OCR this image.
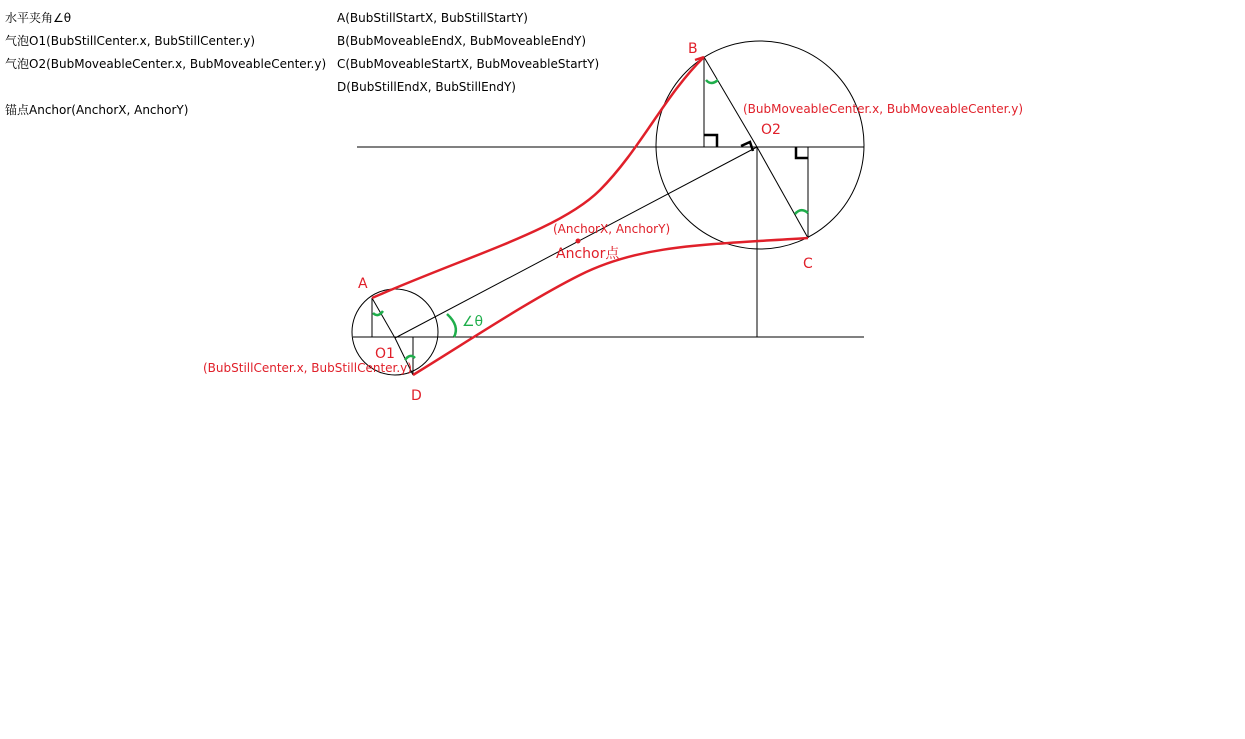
水平夹角∠θ
气泡O1(BubStillCenter.x, BubStillCenter.y)
气泡O2(BubMoveableCenter.x, BubMoveableCenter.y)
锚点Anchor(AnchorX, AnchorY)
A(BubStillStartX, BubStillStartY)
B(BubMoveableEndX, BubMoveableEndY)
C(BubMoveableStartX, BubMoveableStartY)
D(BubStillEndX, BubStillEndY)
A
B
C
D
O1
O2
(BubMoveableCenter.x, BubMoveableCenter.y)
(BubStillCenter.x, BubStillCenter.y)
(AnchorX, AnchorY)
Anchor点
∠θ
